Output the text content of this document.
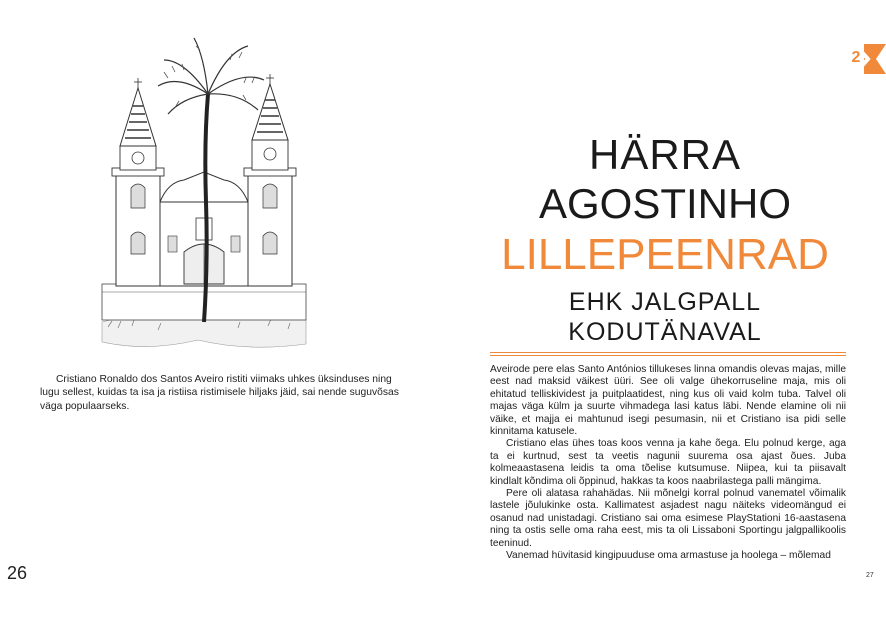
Cristiano Ronaldo dos Santos Aveiro ristiti viimaks uhkes üksinduses ning lugu sellest, kuidas ta isa ja ristiisa ristimisele hiljaks jäid, sai nende suguvõsas väga populaarseks.

26
2
HÄRRA
AGOSTINHO
LILLEPEENRAD
EHK JALGPALL
KODUTÄNAVAL

Aveirode pere elas Santo Antónios tillukeses linna omandis olevas majas, mille eest nad maksid väikest üüri. See oli valge ühekorruseline maja, mis oli ehitatud telliskividest ja puitplaatidest, ning kus oli vaid kolm tuba. Talvel oli majas väga külm ja suurte vihmadega lasi katus läbi. Nende elamine oli nii väike, et majja ei mahtunud isegi pesumasin, nii et Cristiano isa pidi selle kinnitama katusele.

Cristiano elas ühes toas koos venna ja kahe õega. Elu polnud kerge, aga ta ei kurtnud, sest ta veetis nagunii suurema osa ajast õues. Juba kolmeaastasena leidis ta oma tõelise kutsumuse. Niipea, kui ta piisavalt kindlalt kõndima oli õppinud, hakkas ta koos naabrilastega palli mängima.

Pere oli alatasa rahahädas. Nii mõnelgi korral polnud vanematel võimalik lastele jõulukinke osta. Kallimatest asjadest nagu näiteks videomängud ei osanud nad unistadagi. Cristiano sai oma esimese PlayStationi 16-aastasena ning ta ostis selle oma raha eest, mis ta oli Lissaboni Sportingu jalgpallikoolis teeninud.

Vanemad hüvitasid kingipuuduse oma armastuse ja hoolega – mõlemad

27
